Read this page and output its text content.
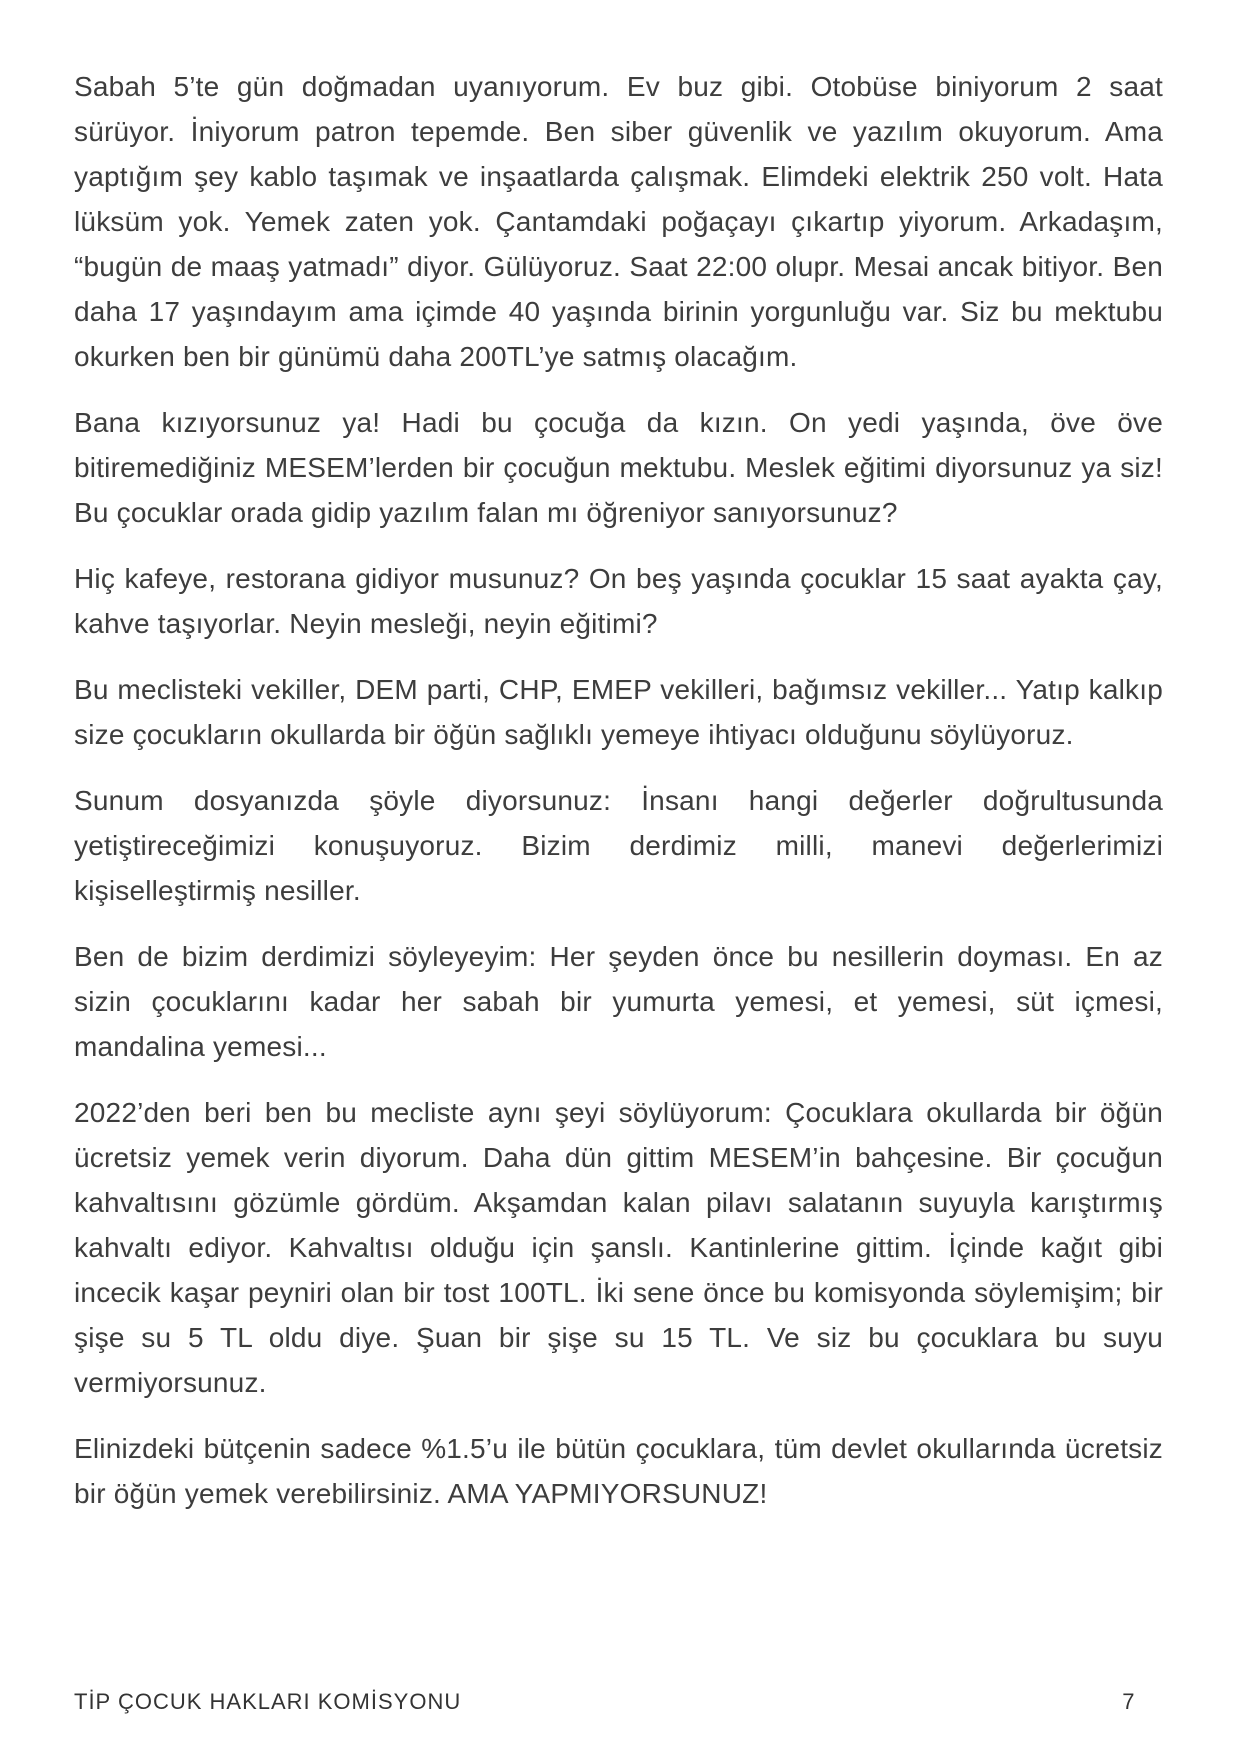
Sabah 5’te gün doğmadan uyanıyorum. Ev buz gibi. Otobüse biniyorum 2 saat sürüyor. İniyorum patron tepemde. Ben siber güvenlik ve yazılım okuyorum. Ama yaptığım şey kablo taşımak ve inşaatlarda çalışmak. Elimdeki elektrik 250 volt. Hata lüksüm yok. Yemek zaten yok. Çantamdaki poğaçayı çıkartıp yiyorum. Arkadaşım, “bugün de maaş yatmadı” diyor. Gülüyoruz. Saat 22:00 olupr. Mesai ancak bitiyor. Ben daha 17 yaşındayım ama içimde 40 yaşında birinin yorgunluğu var. Siz bu mektubu okurken ben bir günümü daha 200TL’ye satmış olacağım.

Bana kızıyorsunuz ya! Hadi bu çocuğa da kızın. On yedi yaşında, öve öve bitiremediğiniz MESEM’lerden bir çocuğun mektubu. Meslek eğitimi diyorsunuz ya siz! Bu çocuklar orada gidip yazılım falan mı öğreniyor sanıyorsunuz?

Hiç kafeye, restorana gidiyor musunuz? On beş yaşında çocuklar 15 saat ayakta çay, kahve taşıyorlar. Neyin mesleği, neyin eğitimi?

Bu meclisteki vekiller, DEM parti, CHP, EMEP vekilleri, bağımsız vekiller... Yatıp kalkıp size çocukların okullarda bir öğün sağlıklı yemeye ihtiyacı olduğunu söylüyoruz.

Sunum dosyanızda şöyle diyorsunuz: İnsanı hangi değerler doğrultusunda yetiştireceğimizi konuşuyoruz. Bizim derdimiz milli, manevi değerlerimizi kişiselleştirmiş nesiller.

Ben de bizim derdimizi söyleyeyim: Her şeyden önce bu nesillerin doyması. En az sizin çocuklarını kadar her sabah bir yumurta yemesi, et yemesi, süt içmesi, mandalina yemesi...

2022’den beri ben bu mecliste aynı şeyi söylüyorum: Çocuklara okullarda bir öğün ücretsiz yemek verin diyorum. Daha dün gittim MESEM’in bahçesine. Bir çocuğun kahvaltısını gözümle gördüm. Akşamdan kalan pilavı salatanın suyuyla karıştırmış kahvaltı ediyor. Kahvaltısı olduğu için şanslı. Kantinlerine gittim. İçinde kağıt gibi incecik kaşar peyniri olan bir tost 100TL. İki sene önce bu komisyonda söylemişim; bir şişe su 5 TL oldu diye. Şuan bir şişe su 15 TL. Ve siz bu çocuklara bu suyu vermiyorsunuz.

Elinizdeki bütçenin sadece %1.5’u ile bütün çocuklara, tüm devlet okullarında ücretsiz bir öğün yemek verebilirsiniz. AMA YAPMIYORSUNUZ!

TİP ÇOCUK HAKLARI KOMİSYONU	7
